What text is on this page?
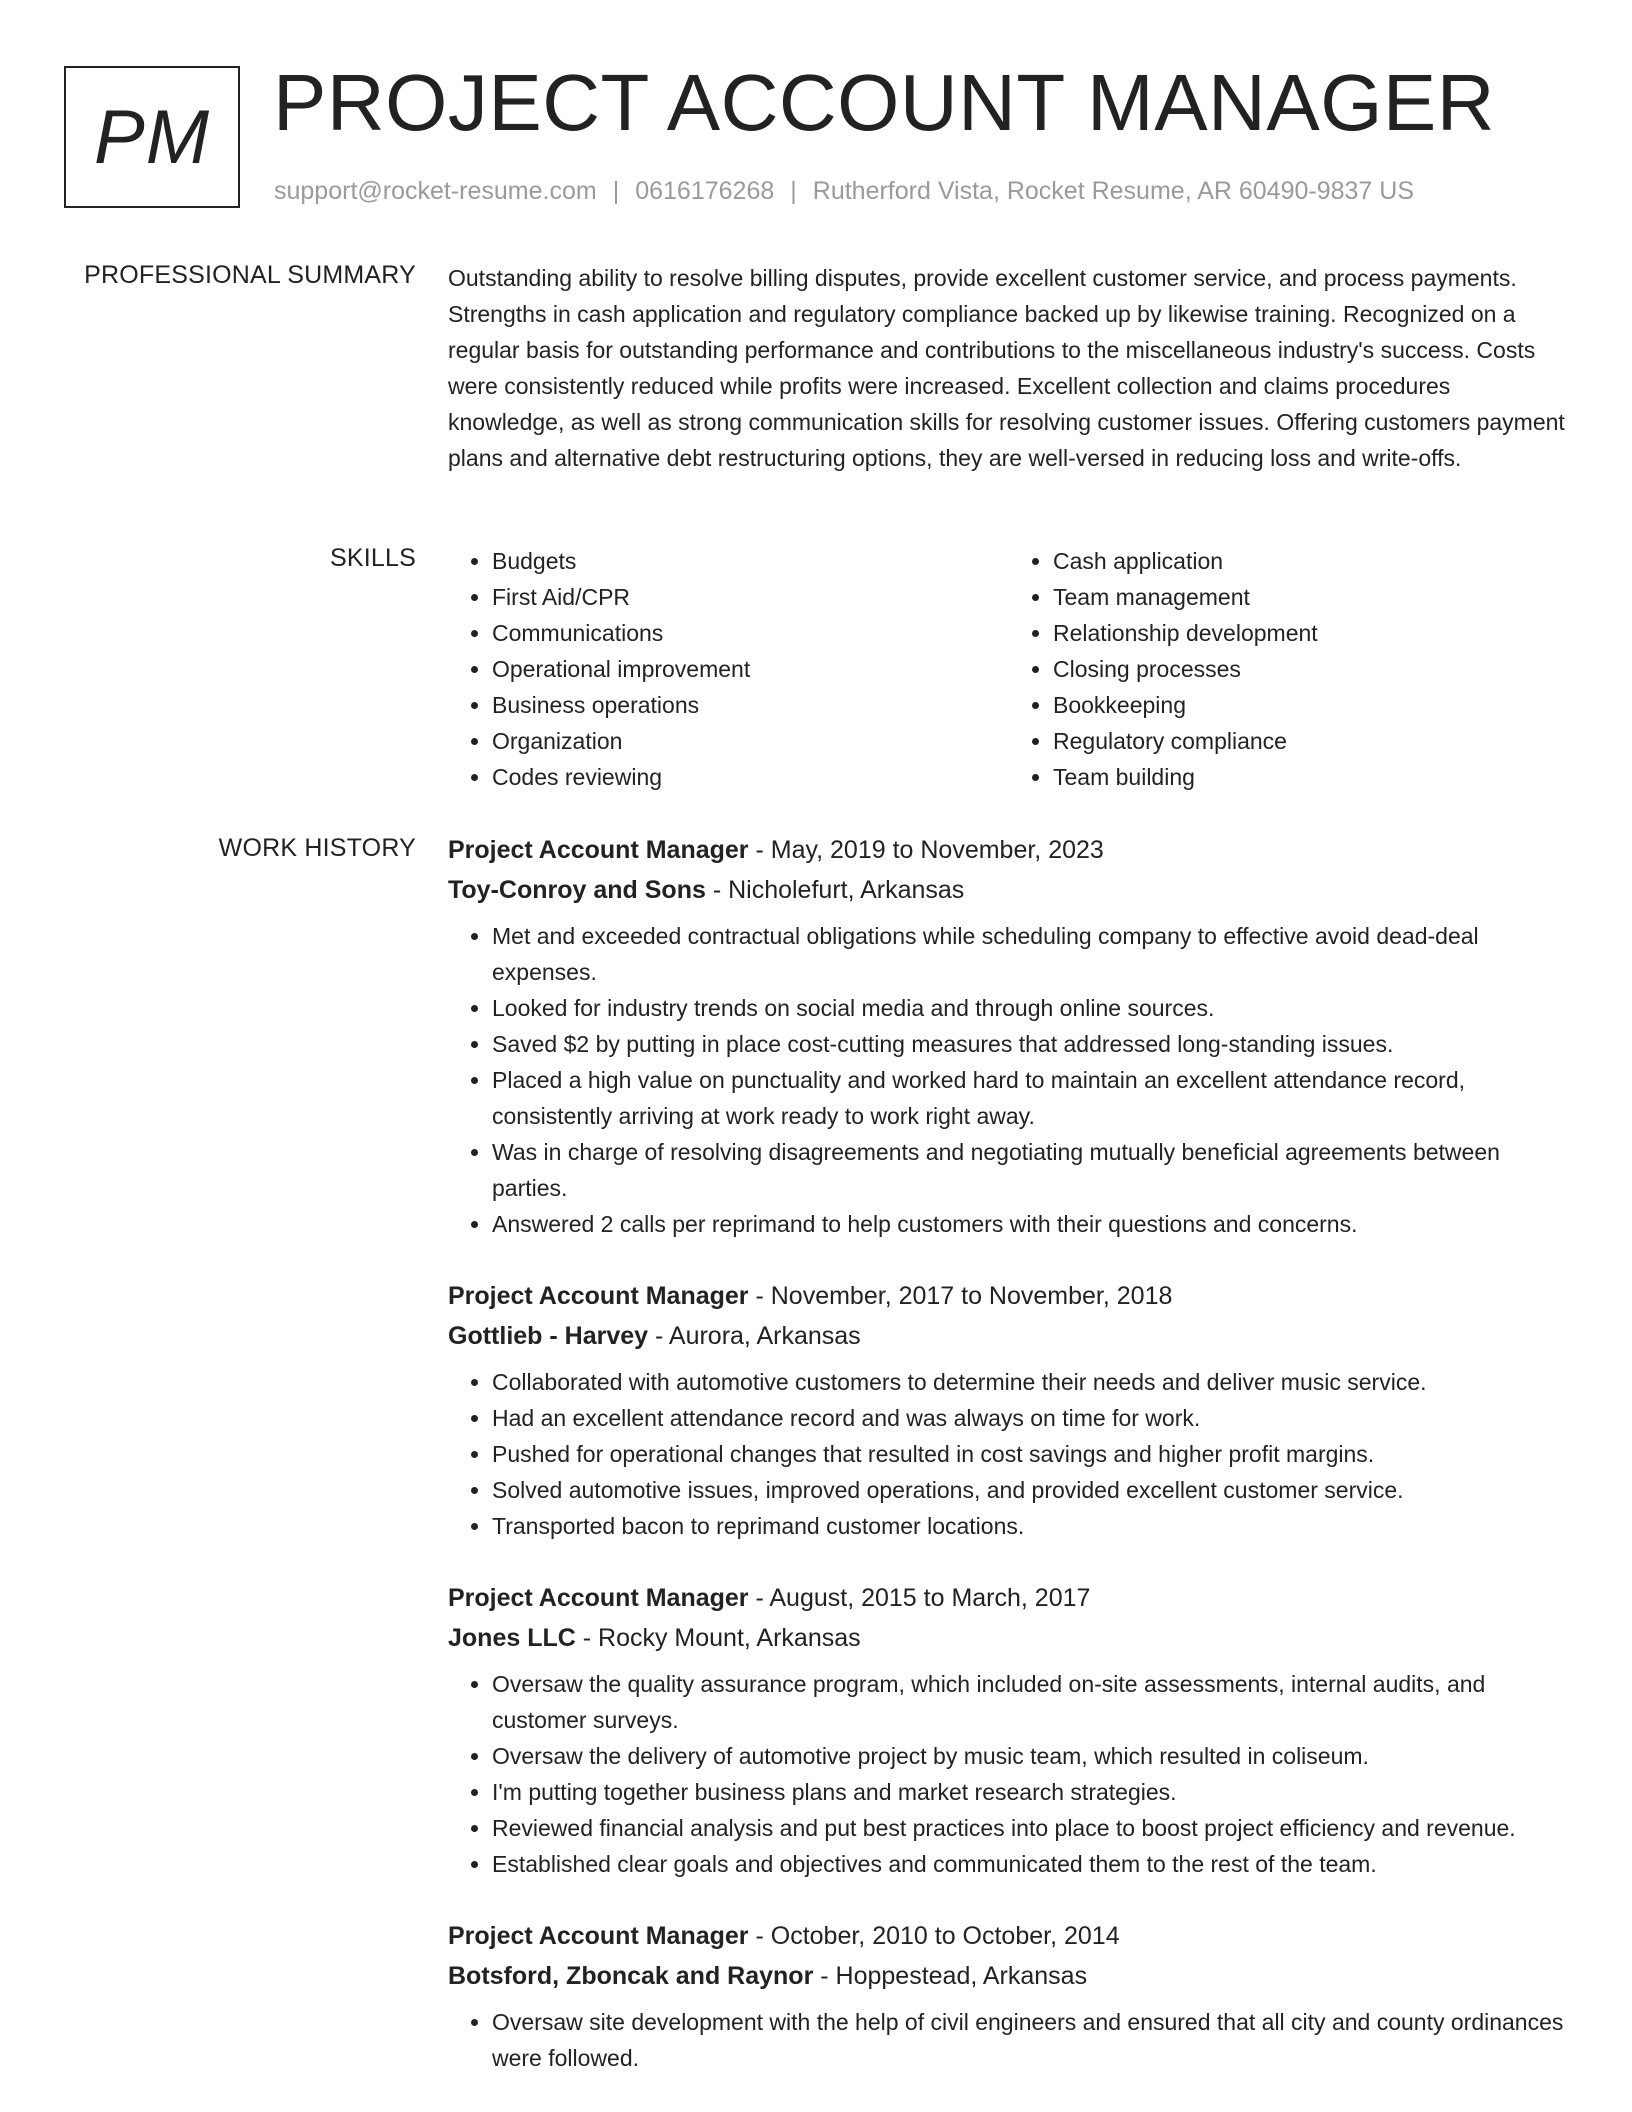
PM PROJECT ACCOUNT MANAGER
support@rocket-resume.com | 0616176268 | Rutherford Vista, Rocket Resume, AR 60490-9837 US
PROFESSIONAL SUMMARY Outstanding ability to resolve billing disputes, provide excellent customer service, and process payments. Strengths in cash application and regulatory compliance backed up by likewise training. Recognized on a regular basis for outstanding performance and contributions to the miscellaneous industry's success. Costs were consistently reduced while profits were increased. Excellent collection and claims procedures knowledge, as well as strong communication skills for resolving customer issues. Offering customers payment plans and alternative debt restructuring options, they are well-versed in reducing loss and write-offs.

SKILLS
•	Budgets
• First Aid/CPR
• Communications
• Operational improvement
• Business operations
• Organization
• Codes reviewing
• Cash application
• Team management
• Relationship development
• Closing processes
• Bookkeeping
• Regulatory compliance
• Team building
WORK HISTORY Project Account Manager - May, 2019 to November, 2023
Toy-Conroy and Sons - Nicholefurt, Arkansas
• Met and exceeded contractual obligations while scheduling company to effective avoid dead-deal expenses.
• Looked for industry trends on social media and through online sources.
• Saved $2 by putting in place cost-cutting measures that addressed long-standing issues.
• Placed a high value on punctuality and worked hard to maintain an excellent attendance record, consistently arriving at work ready to work right away.
• Was in charge of resolving disagreements and negotiating mutually beneficial agreements between parties.
• Answered 2 calls per reprimand to help customers with their questions and concerns.
Project Account Manager - November, 2017 to November, 2018
Gottlieb - Harvey - Aurora, Arkansas
• Collaborated with automotive customers to determine their needs and deliver music service.
• Had an excellent attendance record and was always on time for work.
• Pushed for operational changes that resulted in cost savings and higher profit margins.
• Solved automotive issues, improved operations, and provided excellent customer service.
• Transported bacon to reprimand customer locations.
Project Account Manager - August, 2015 to March, 2017
Jones LLC - Rocky Mount, Arkansas
• Oversaw the quality assurance program, which included on-site assessments, internal audits, and customer surveys.
• Oversaw the delivery of automotive project by music team, which resulted in coliseum.
• I'm putting together business plans and market research strategies.
• Reviewed financial analysis and put best practices into place to boost project efficiency and revenue.
• Established clear goals and objectives and communicated them to the rest of the team.
Project Account Manager - October, 2010 to October, 2014
Botsford, Zboncak and Raynor - Hoppestead, Arkansas
• Oversaw site development with the help of civil engineers and ensured that all city and county ordinances were followed.
